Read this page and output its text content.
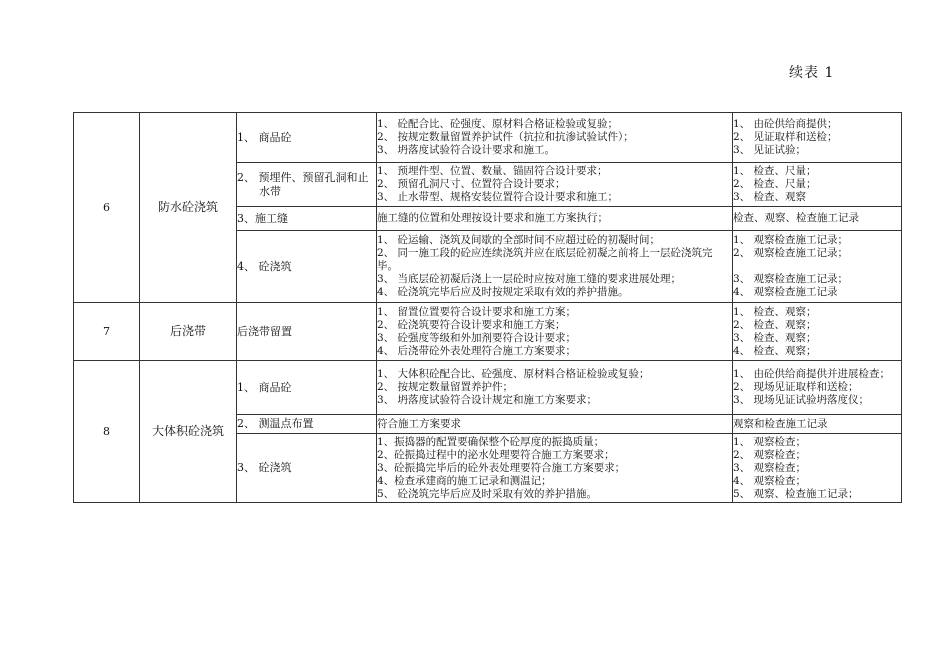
续表 1
6	防水砼浇筑	1、 商品砼	1、 砼配合比、砼强度、原材料合格证检验或复验；
2、 按规定数量留置养护试件（抗拉和抗渗试验试件）；
3、 坍落度试验符合设计要求和施工。	1、 由砼供给商提供；
2、 见证取样和送检；
3、 见证试验；

		2、 预埋件、预留孔洞和止水带	1、 预埋件型、位置、数量、锚固符合设计要求；
2、 预留孔洞尺寸、位置符合设计要求；
3、 止水带型、规格安装位置符合设计要求和施工；	1、 检查、尺量；
2、 检查、尺量；
3、 检查、观察

		3、施工缝	施工缝的位置和处理按设计要求和施工方案执行；	检查、观察、检查施工记录

		4、 砼浇筑	1、 砼运输、浇筑及间歇的全部时间不应超过砼的初凝时间；
2、 同一施工段的砼应连续浇筑并应在底层砼初凝之前将上一层砼浇筑完毕。
3、 当底层砼初凝后浇上一层砼时应按对施工缝的要求进展处理；
4、 砼浇筑完毕后应及时按规定采取有效的养护措施。	1、 观察检查施工记录；
2、 观察检查施工记录；
3、 观察检查施工记录；
4、 观察检查施工记录

7	后浇带	后浇带留置	1、 留置位置要符合设计要求和施工方案；
2、 砼浇筑要符合设计要求和施工方案；
3、 砼强度等级和外加剂要符合设计要求；
4、 后浇带砼外表处理符合施工方案要求；	1、 检查、观察；
2、 检查、观察；
3、 检查、观察；
4、 检查、观察；

8	大体积砼浇筑	1、 商品砼	1、 大体积砼配合比、砼强度、原材料合格证检验或复验；
2、 按规定数量留置养护件；
3、 坍落度试验符合设计规定和施工方案要求；	1、 由砼供给商提供并进展检查；
2、 现场见证取样和送检；
3、 现场见证试验坍落度仪；

		2、 测温点布置	符合施工方案要求	观察和检查施工记录

		3、 砼浇筑	1、振捣器的配置要确保整个砼厚度的振捣质量；
2、砼振捣过程中的泌水处理要符合施工方案要求；
3、砼振捣完毕后的砼外表处理要符合施工方案要求；
4、检查承建商的施工记录和测温记；
5、 砼浇筑完毕后应及时采取有效的养护措施。	1、 观察检查；
2、 观察检查；
3、 观察检查；
4、 观察检查；
5、 观察、检查施工记录；
